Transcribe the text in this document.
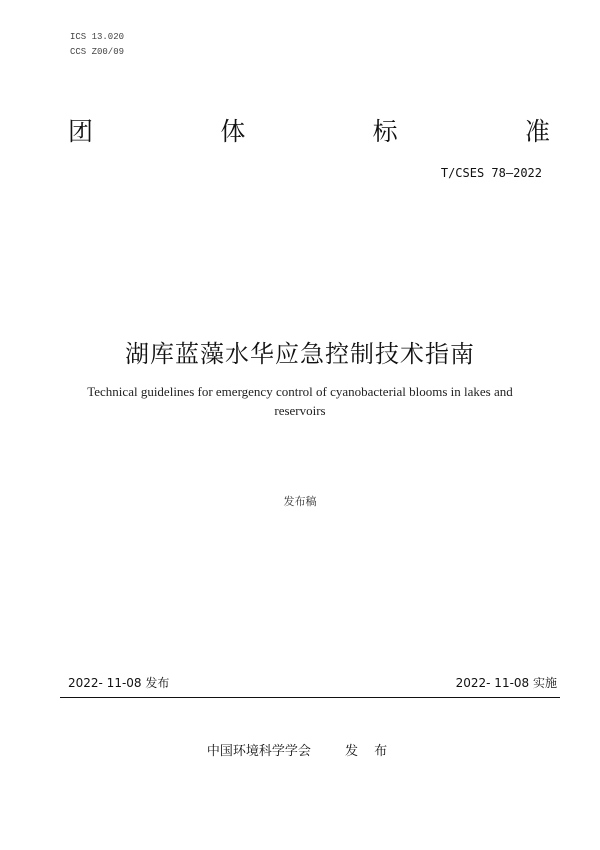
ICS 13.020
CCS Z00/09
团	体	标	准
T/CSES 78—2022
湖库蓝藻水华应急控制技术指南
Technical guidelines for emergency control of cyanobacterial blooms in lakes and reservoirs
发布稿
2022- 11-08 发布	2022- 11-08 实施
中国环境科学学会	发 布
